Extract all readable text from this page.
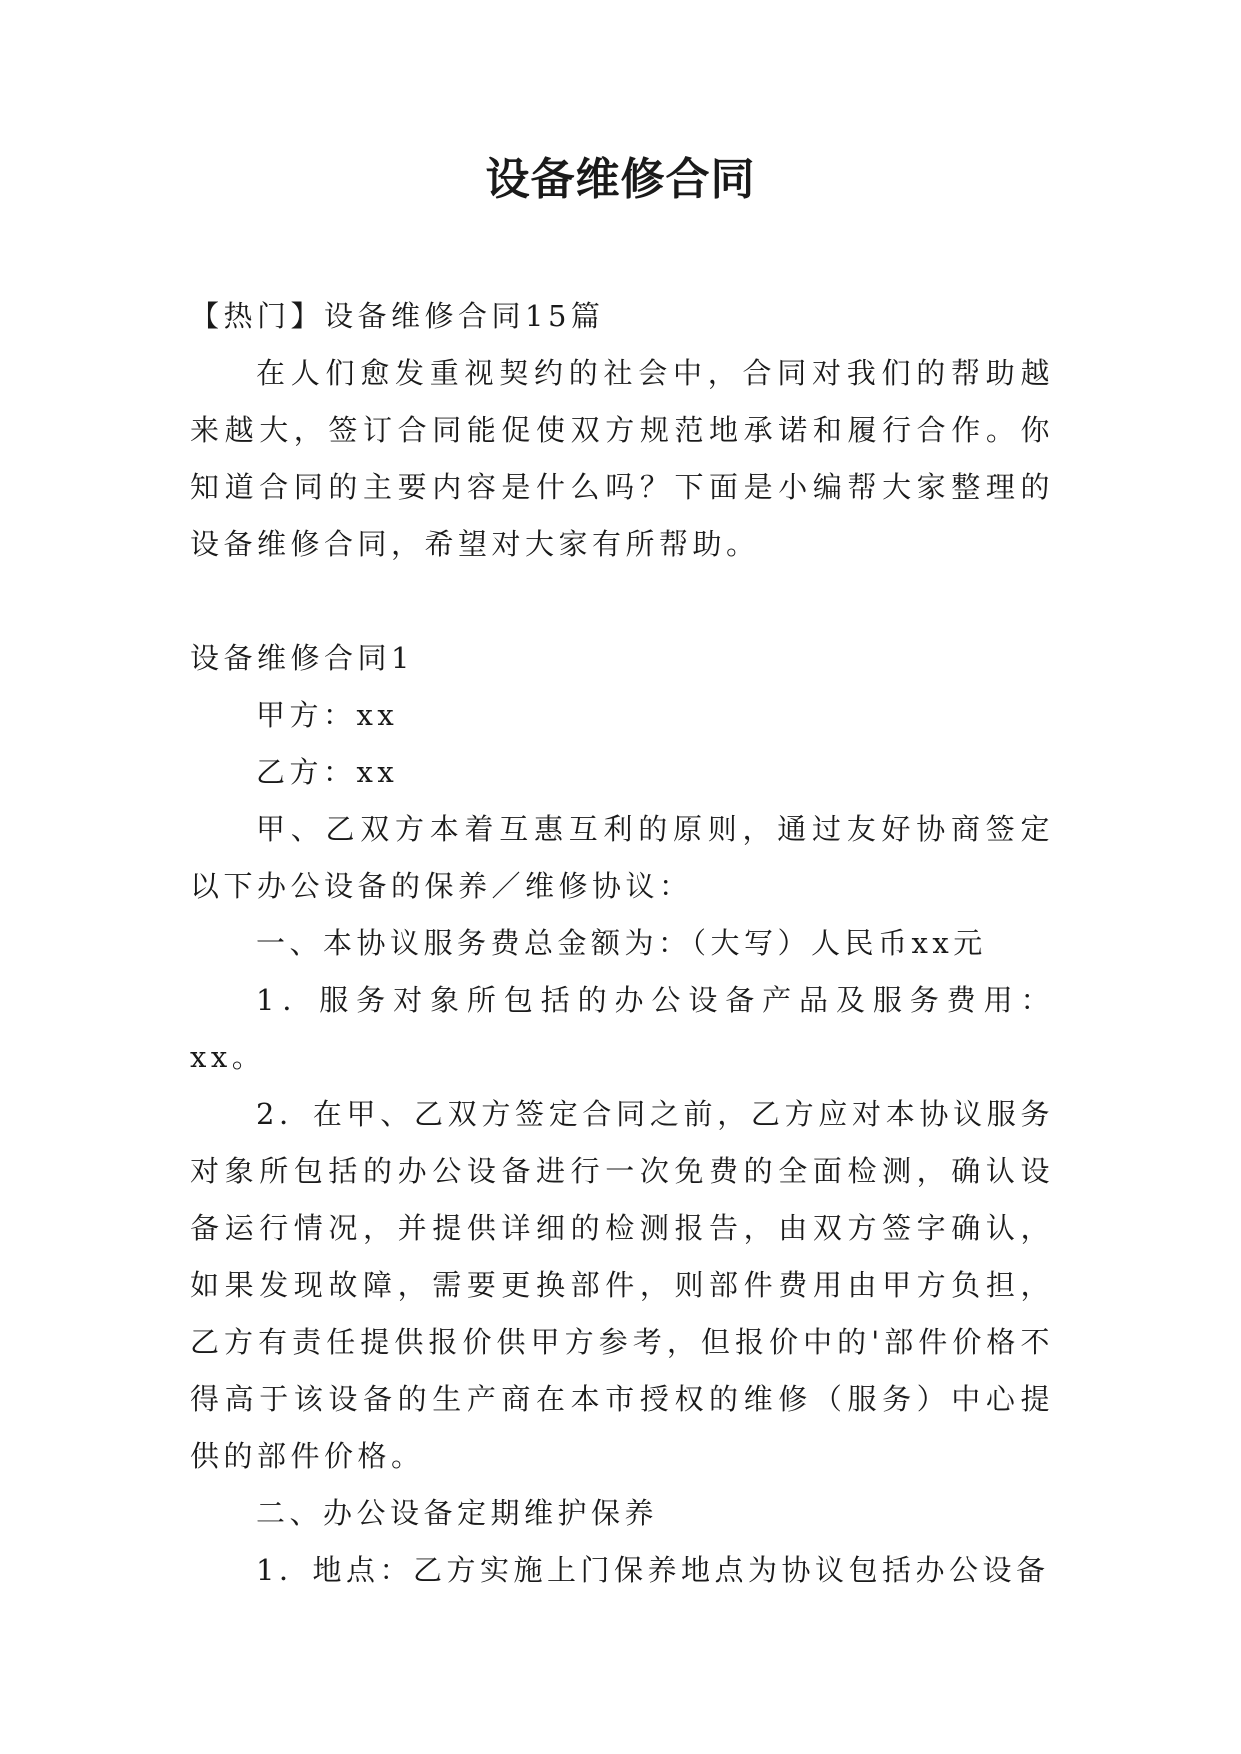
设备维修合同

【热门】设备维修合同15篇

在人们愈发重视契约的社会中，合同对我们的帮助越来越大，签订合同能促使双方规范地承诺和履行合作。你知道合同的主要内容是什么吗？下面是小编帮大家整理的设备维修合同，希望对大家有所帮助。

设备维修合同1

甲方：xx

乙方：xx

甲、乙双方本着互惠互利的原则，通过友好协商签定以下办公设备的保养／维修协议：

一、本协议服务费总金额为：（大写）人民币xx元

1．服务对象所包括的办公设备产品及服务费用：xx。

2．在甲、乙双方签定合同之前，乙方应对本协议服务对象所包括的办公设备进行一次免费的全面检测，确认设备运行情况，并提供详细的检测报告，由双方签字确认，如果发现故障，需要更换部件，则部件费用由甲方负担，乙方有责任提供报价供甲方参考，但报价中的'部件价格不得高于该设备的生产商在本市授权的维修（服务）中心提供的部件价格。

二、办公设备定期维护保养

1．地点：乙方实施上门保养地点为协议包括办公设备
